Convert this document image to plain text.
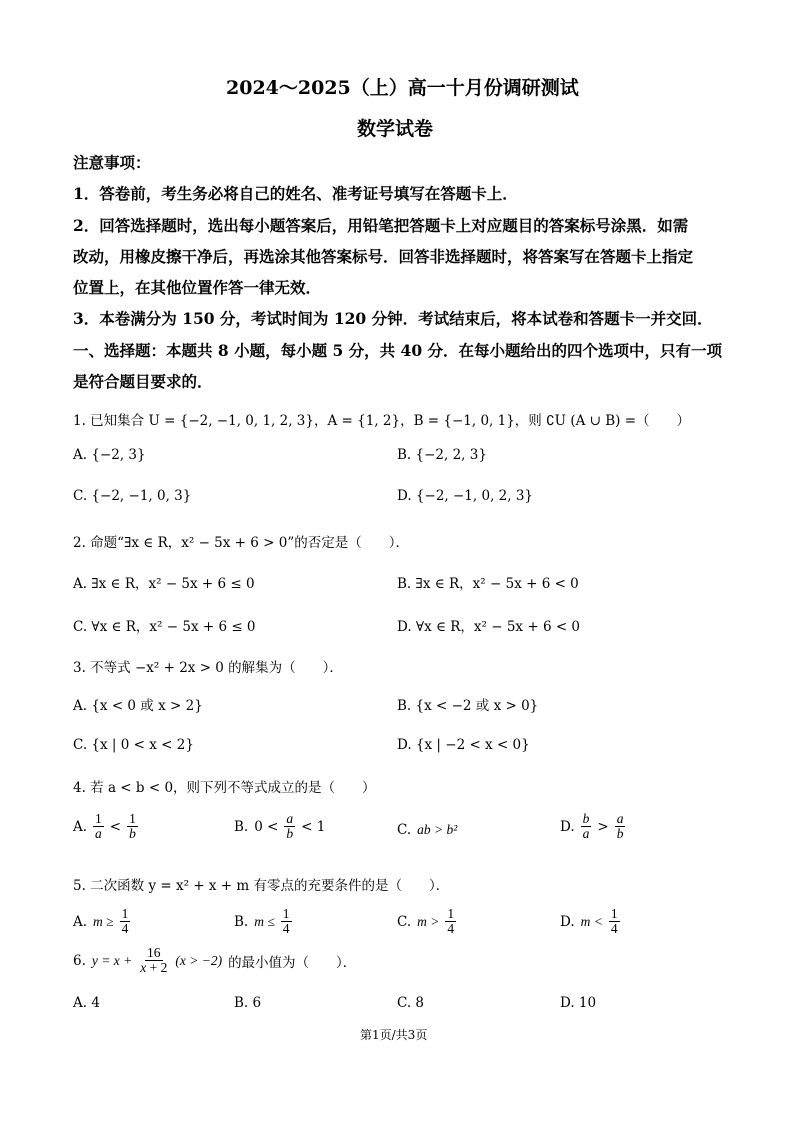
2024～2025（上）高一十月份调研测试
数学试卷
注意事项：
1．答卷前，考生务必将自己的姓名、准考证号填写在答题卡上．
2．回答选择题时，选出每小题答案后，用铅笔把答题卡上对应题目的答案标号涂黑．如需
改动，用橡皮擦干净后，再选涂其他答案标号．回答非选择题时，将答案写在答题卡上指定
位置上，在其他位置作答一律无效．
3．本卷满分为 150 分，考试时间为 120 分钟．考试结束后，将本试卷和答题卡一并交回．
一、选择题：本题共 8 小题，每小题 5 分，共 40 分．在每小题给出的四个选项中，只有一项
是符合题目要求的．
1. 已知集合 U = {−2, −1, 0, 1, 2, 3}，A = {1, 2}，B = {−1, 0, 1}，则 ∁U (A ∪ B) =（　　）
A. {−2, 3}	B. {−2, 2, 3}
C. {−2, −1, 0, 3}	D. {−2, −1, 0, 2, 3}
2. 命题“∃x ∈ R，x² − 5x + 6 > 0”的否定是（　　）．
A. ∃x ∈ R，x² − 5x + 6 ≤ 0	B. ∃x ∈ R，x² − 5x + 6 < 0
C. ∀x ∈ R，x² − 5x + 6 ≤ 0	D. ∀x ∈ R，x² − 5x + 6 < 0
3. 不等式 −x² + 2x > 0 的解集为（　　）．
A. {x < 0 或 x > 2}	B. {x < −2 或 x > 0}
C. {x | 0 < x < 2}	D. {x | −2 < x < 0}
4. 若 a < b < 0，则下列不等式成立的是（　　）
A. $\frac{1}{a} < \frac{1}{b}$	B. $0 < \frac{a}{b} < 1$	C. ab > b²	D. $\frac{b}{a} > \frac{a}{b}$
5. 二次函数 y = x² + x + m 有零点的充要条件的是（　　）．
A. $m \ge \frac{1}{4}$	B. $m \le \frac{1}{4}$	C. $m > \frac{1}{4}$	D. $m < \frac{1}{4}$
6. $y = x + \frac{16}{x + 2} (x > -2)$ 的最小值为（　　）．
A. 4	B. 6	C. 8	D. 10
第1页/共3页
